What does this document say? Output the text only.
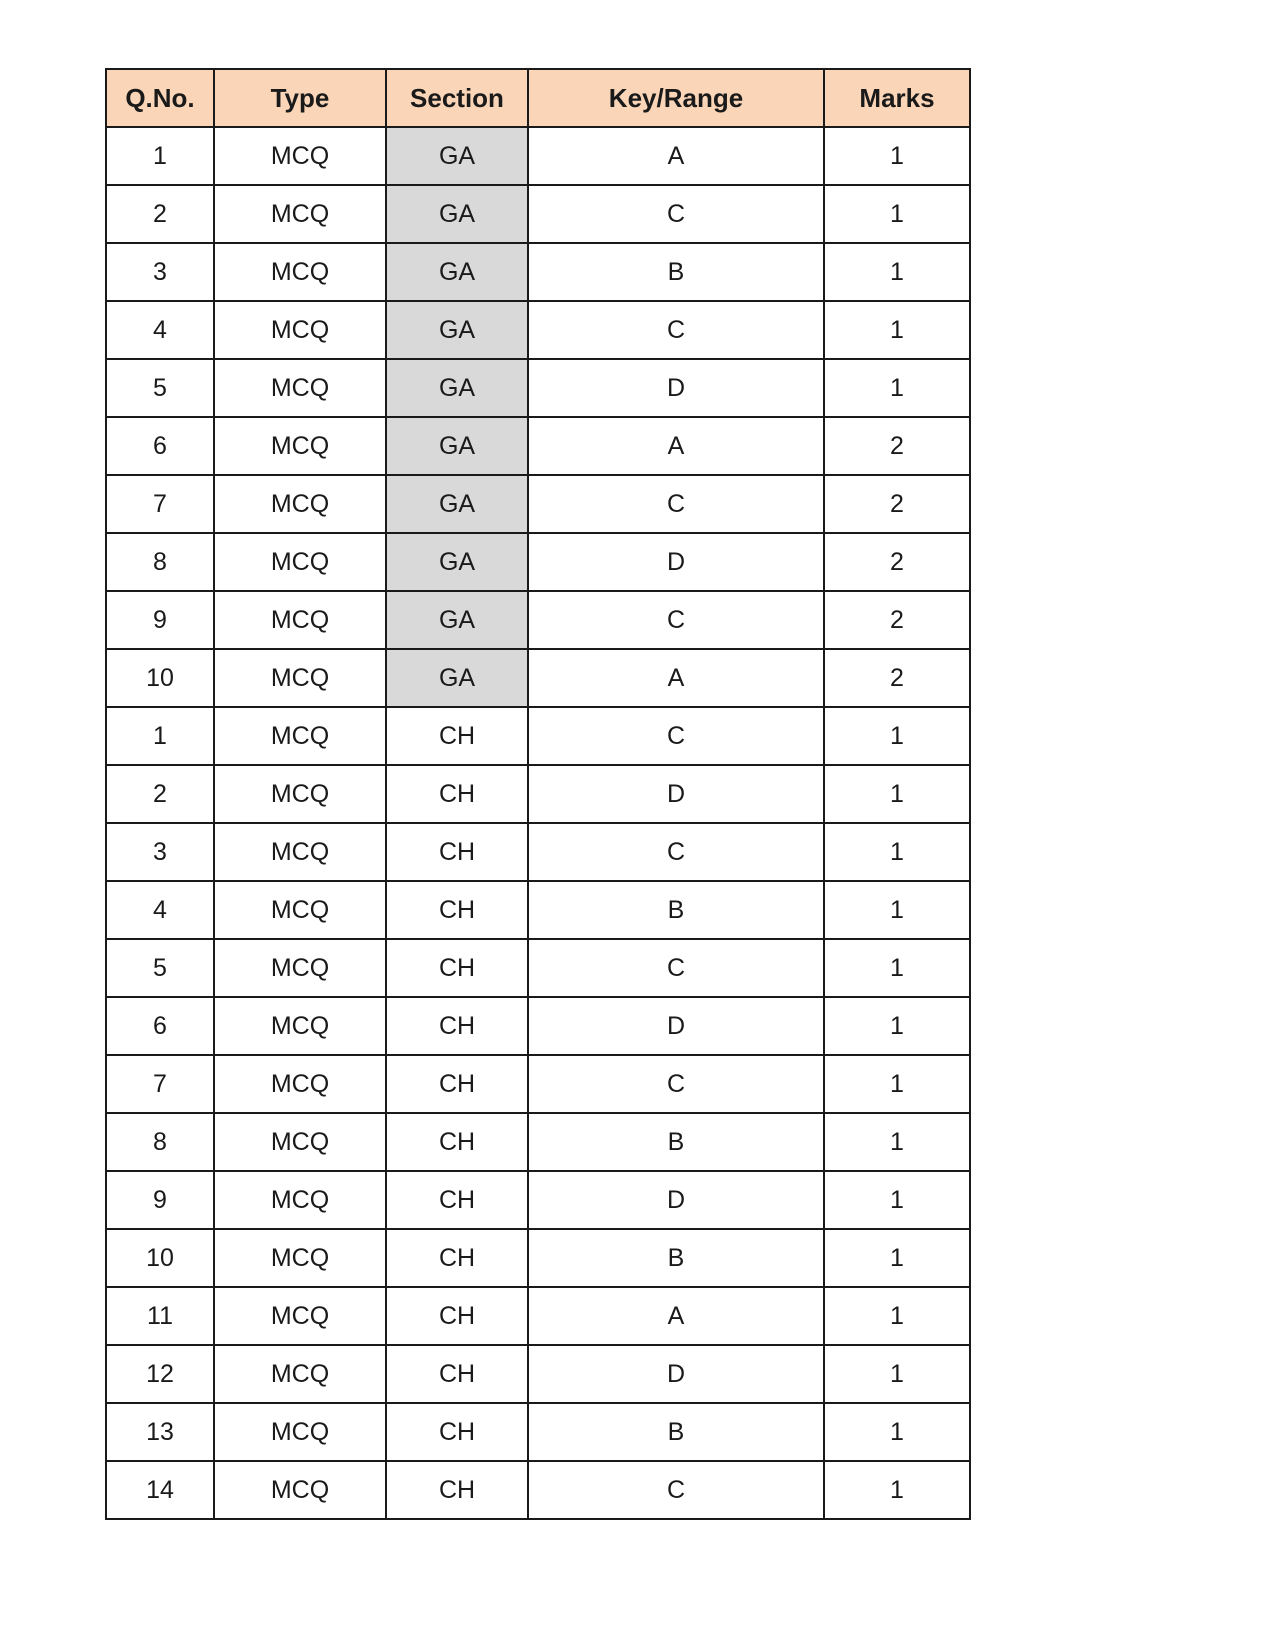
Q.No.	Type	Section	Key/Range	Marks
1	MCQ	GA	A	1
2	MCQ	GA	C	1
3	MCQ	GA	B	1
4	MCQ	GA	C	1
5	MCQ	GA	D	1
6	MCQ	GA	A	2
7	MCQ	GA	C	2
8	MCQ	GA	D	2
9	MCQ	GA	C	2
10	MCQ	GA	A	2
1	MCQ	CH	C	1
2	MCQ	CH	D	1
3	MCQ	CH	C	1
4	MCQ	CH	B	1
5	MCQ	CH	C	1
6	MCQ	CH	D	1
7	MCQ	CH	C	1
8	MCQ	CH	B	1
9	MCQ	CH	D	1
10	MCQ	CH	B	1
11	MCQ	CH	A	1
12	MCQ	CH	D	1
13	MCQ	CH	B	1
14	MCQ	CH	C	1
